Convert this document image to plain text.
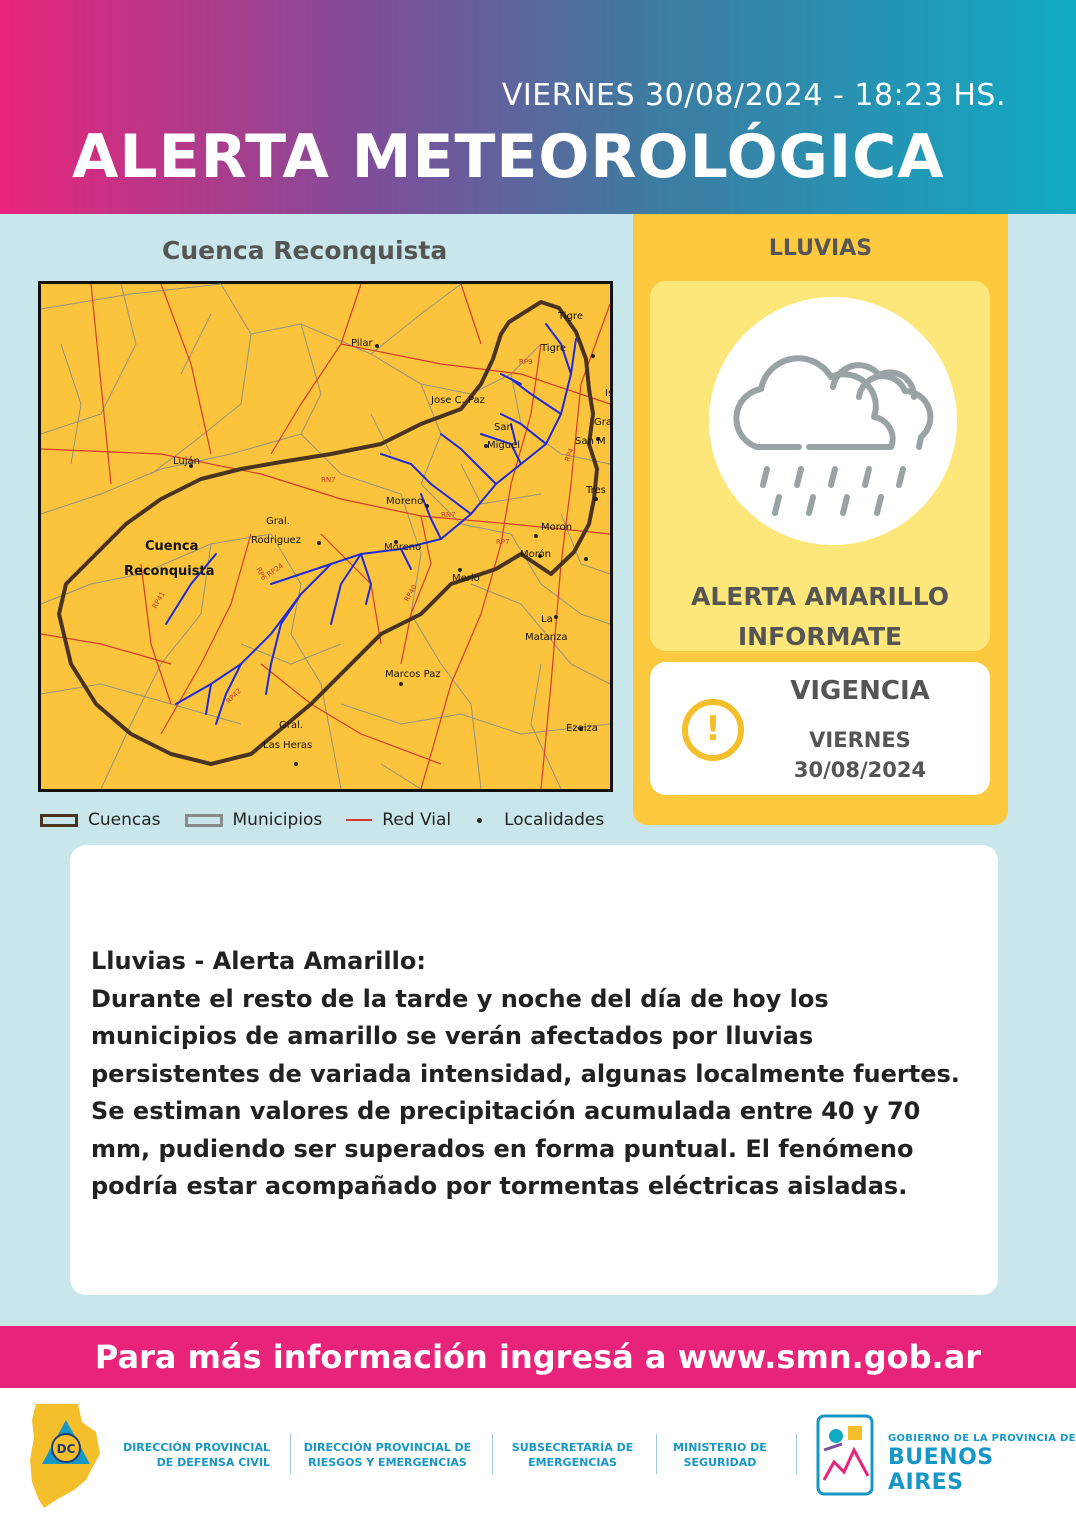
VIERNES 30/08/2024 - 18:23 HS.
ALERTA METEOROLÓGICA
Cuenca Reconquista
Tigre
Tigre
Pilar
Jose C. Paz
San
Miguel
Luján
Moreno
Moreno
Gral.
Rodriguez
Cuenca
Reconquista	Merlo
Moron
Morón
La
Matanza
Marcos Paz
Gral.
Las Heras
Ezeiza
Is
Gra
San M
Tres
RP9
RP4
RN7
RN7
RP7
RP6
RP24
RP41	RP40
RP42
Cuencas	Municipios	Red Vial	Localidades
LLUVIAS
ALERTA AMARILLO
INFORMATE
!
VIGENCIA
VIERNES
30/08/2024
Lluvias - Alerta Amarillo:
Durante el resto de la tarde y noche del día de hoy los municipios de amarillo se verán afectados por lluvias persistentes de variada intensidad, algunas localmente fuertes. Se estiman valores de precipitación acumulada entre 40 y 70 mm, pudiendo ser superados en forma puntual. El fenómeno podría estar acompañado por tormentas eléctricas aisladas.
Para más información ingresá a www.smn.gob.ar
DC	DIRECCIÓN PROVINCIAL
DE DEFENSA CIVIL
DIRECCIÓN PROVINCIAL DE
RIESGOS Y EMERGENCIAS
SUBSECRETARÍA DE
EMERGENCIAS
MINISTERIO DE
SEGURIDAD
GOBIERNO DE LA PROVINCIA DE
BUENOS AIRES
